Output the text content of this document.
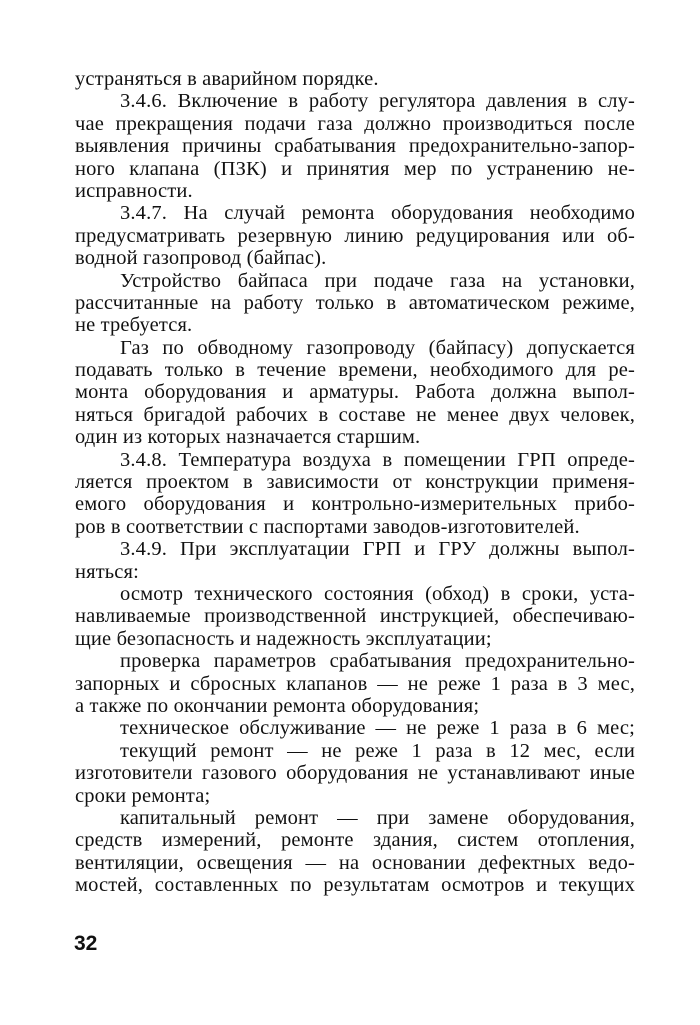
устраняться в аварийном порядке.
3.4.6. Включение в работу регулятора давления в слу-
чае прекращения подачи газа должно производиться после
выявления причины срабатывания предохранительно-запор-
ного клапана (ПЗК) и принятия мер по устранению не-
исправности.
3.4.7. На случай ремонта оборудования необходимо
предусматривать резервную линию редуцирования или об-
водной газопровод (байпас).
Устройство байпаса при подаче газа на установки,
рассчитанные на работу только в автоматическом режиме,
не требуется.
Газ по обводному газопроводу (байпасу) допускается
подавать только в течение времени, необходимого для ре-
монта оборудования и арматуры. Работа должна выпол-
няться бригадой рабочих в составе не менее двух человек,
один из которых назначается старшим.
3.4.8. Температура воздуха в помещении ГРП опреде-
ляется проектом в зависимости от конструкции применя-
емого оборудования и контрольно-измерительных прибо-
ров в соответствии с паспортами заводов-изготовителей.
3.4.9. При эксплуатации ГРП и ГРУ должны выпол-
няться:
осмотр технического состояния (обход) в сроки, уста-
навливаемые производственной инструкцией, обеспечиваю-
щие безопасность и надежность эксплуатации;
проверка параметров срабатывания предохранительно-
запорных и сбросных клапанов — не реже 1 раза в 3 мес,
а также по окончании ремонта оборудования;
техническое обслуживание — не реже 1 раза в 6 мес;
текущий ремонт — не реже 1 раза в 12 мес, если
изготовители газового оборудования не устанавливают иные
сроки ремонта;
капитальный ремонт — при замене оборудования,
средств измерений, ремонте здания, систем отопления,
вентиляции, освещения — на основании дефектных ведо-
мостей, составленных по результатам осмотров и текущих
32
